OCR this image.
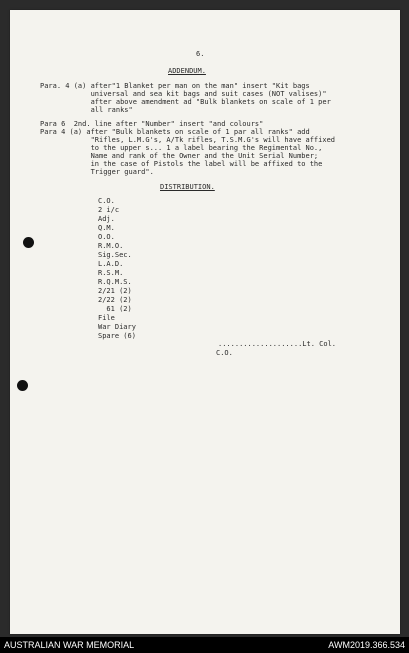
6.
ADDENDUM.
Para. 4 (a) after"1 Blanket per man on the man" insert "Kit bags
universal and sea kit bags and suit cases (NOT valises)"
after above amendment ad "Bulk blankets on scale of 1 per
all ranks"
Para 6  2nd. line after "Number" insert "and colours"
Para 4 (a) after "Bulk blankets on scale of 1 par all ranks" add
"Rifles, L.M.G's, A/Tk rifles, T.S.M.G's will have affixed
to the upper s... 1 a label bearing the Regimental No.,
Name and rank of the Owner and the Unit Serial Number;
in the case of Pistols the label will be affixed to the
Trigger guard".
DISTRIBUTION.
C.O.
2 i/c
Adj.
Q.M.
O.O.
R.M.O.
Sig.Sec.
L.A.D.
R.S.M.
R.Q.M.S.
2/21 (2)
2/22 (2)
61 (2)
File
War Diary
Spare (6)
....................Lt. Col.
C.O.
AUSTRALIAN WAR MEMORIAL	AWM2019.366.534
